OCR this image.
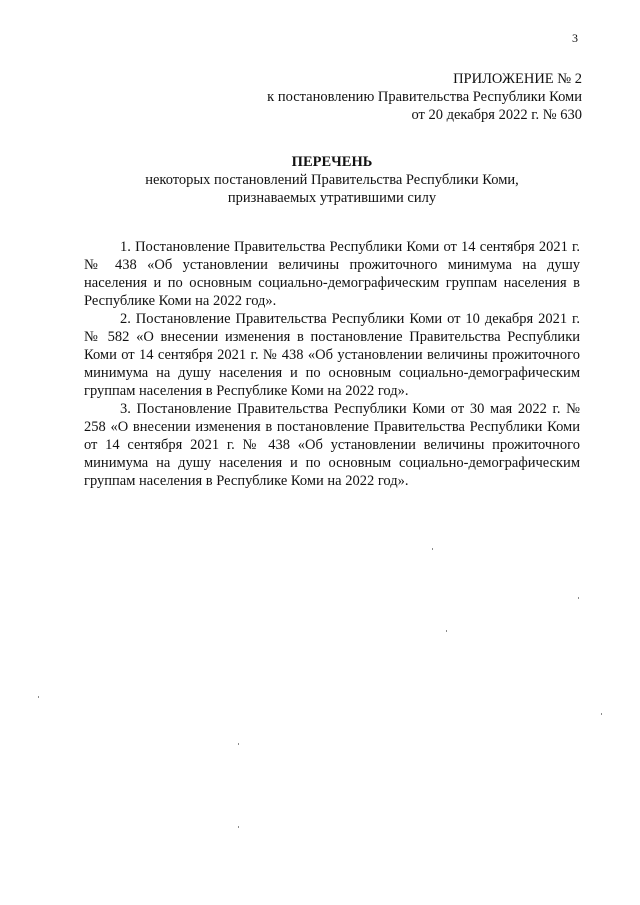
3
ПРИЛОЖЕНИЕ № 2
к постановлению Правительства Республики Коми
от 20 декабря 2022 г. № 630
ПЕРЕЧЕНЬ
некоторых постановлений Правительства Республики Коми,
признаваемых утратившими силу

1. Постановление Правительства Республики Коми от 14 сентября 2021 г. № 438 «Об установлении величины прожиточного минимума на душу населения и по основным социально-демографическим группам населения в Республике Коми на 2022 год».

2. Постановление Правительства Республики Коми от 10 декабря 2021 г. № 582 «О внесении изменения в постановление Правительства Республики Коми от 14 сентября 2021 г. № 438 «Об установлении величины прожиточного минимума на душу населения и по основным социально-демографическим группам населения в Республике Коми на 2022 год».

3. Постановление Правительства Республики Коми от 30 мая 2022 г. № 258 «О внесении изменения в постановление Правительства Республики Коми от 14 сентября 2021 г. № 438 «Об установлении величины прожиточного минимума на душу населения и по основным социально-демографическим группам населения в Республике Коми на 2022 год».
